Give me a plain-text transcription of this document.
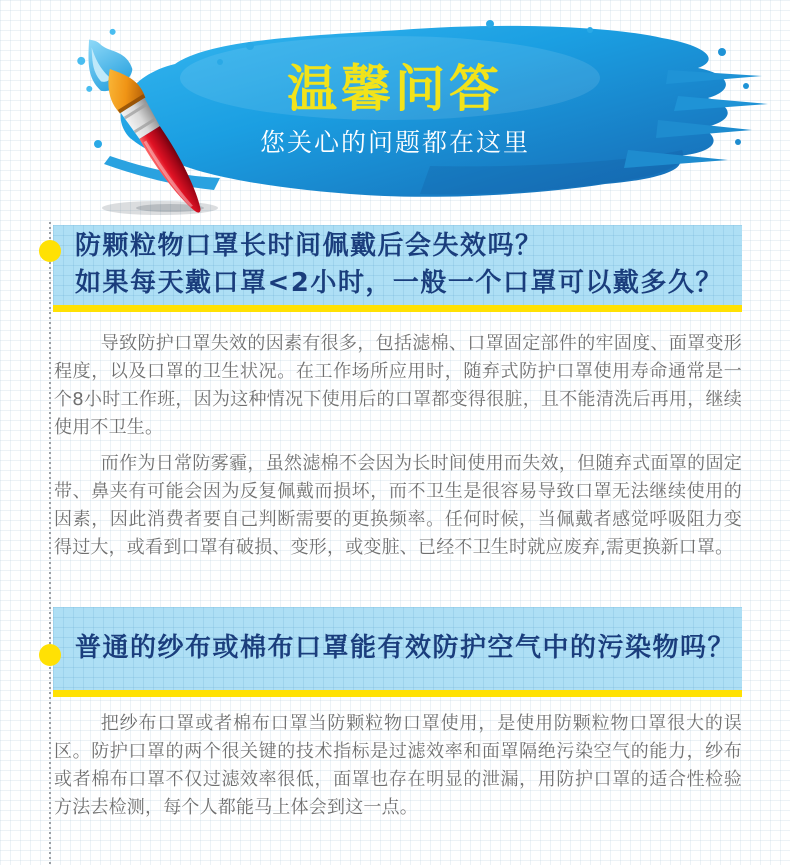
温馨问答
您关心的问题都在这里
防颗粒物口罩长时间佩戴后会失效吗？
如果每天戴口罩<2小时，一般一个口罩可以戴多久？

导致防护口罩失效的因素有很多，包括滤棉、口罩固定部件的牢固度、面罩变形程度，以及口罩的卫生状况。在工作场所应用时，随弃式防护口罩使用寿命通常是一个8小时工作班，因为这种情况下使用后的口罩都变得很脏，且不能清洗后再用，继续使用不卫生。

而作为日常防雾霾，虽然滤棉不会因为长时间使用而失效，但随弃式面罩的固定带、鼻夹有可能会因为反复佩戴而损坏，而不卫生是很容易导致口罩无法继续使用的因素，因此消费者要自己判断需要的更换频率。任何时候，当佩戴者感觉呼吸阻力变得过大，或看到口罩有破损、变形，或变脏、已经不卫生时就应废弃,需更换新口罩。

普通的纱布或棉布口罩能有效防护空气中的污染物吗？

把纱布口罩或者棉布口罩当防颗粒物口罩使用，是使用防颗粒物口罩很大的误区。防护口罩的两个很关键的技术指标是过滤效率和面罩隔绝污染空气的能力，纱布或者棉布口罩不仅过滤效率很低，面罩也存在明显的泄漏，用防护口罩的适合性检验方法去检测，每个人都能马上体会到这一点。
